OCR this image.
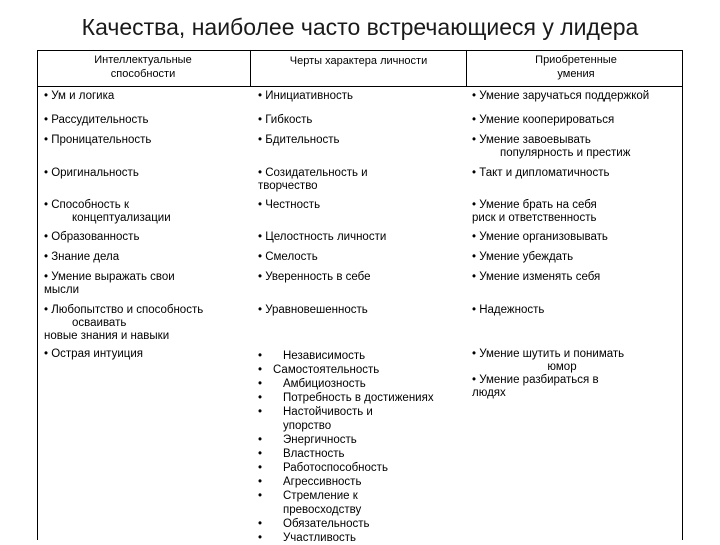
Качества, наиболее часто встречающиеся у лидера
Интеллектуальные способности
Черты характера личности	Приобретенные умения
• Ум и логика
• Рассудительность
• Проницательность
• Оригинальность
• Способность к
концептуализации
• Образованность
• Знание дела
• Умение выражать свои
мысли
• Любопытство и способность
осваивать
новые знания и навыки
• Острая интуиция
• Инициативность
• Гибкость
• Бдительность
• Созидательность и
творчество
• Честность
• Целостность личности
• Смелость
• Уверенность в себе
• Уравновешенность
• Умение заручаться поддержкой
• Умение кооперироваться
• Умение завоевывать
популярность и престиж
• Такт и дипломатичность
• Умение брать на себя
риск и ответственность
• Умение организовывать
• Умение убеждать
• Умение изменять себя
• Надежность
• Умение шутить и понимать
юмор
• Умение разбираться в
людях
• Независимость
• Самостоятельность
• Амбициозность
• Потребность в достижениях
• Настойчивость и
упорство
• Энергичность
• Властность
• Работоспособность
• Агрессивность
• Стремление к
превосходству
• Обязательность
• Участливость
